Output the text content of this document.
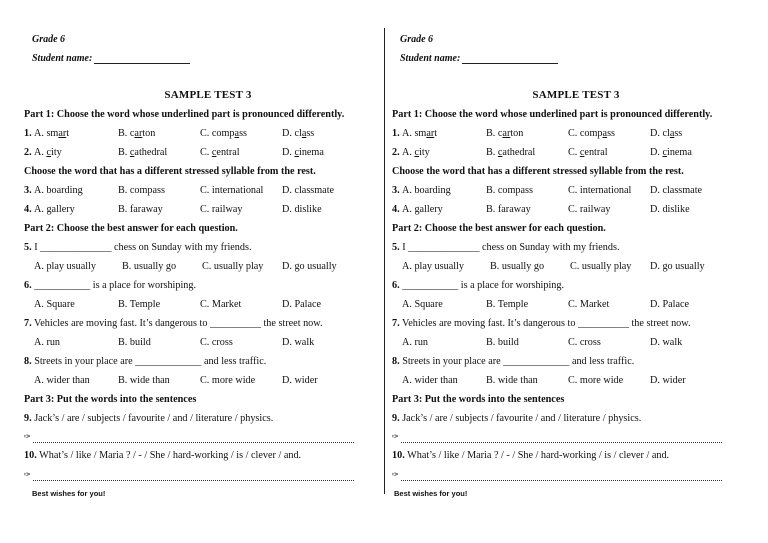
Grade 6
Student name:
SAMPLE TEST 3
Part 1: Choose the word whose underlined part is pronounced differently.
1. A. smart	B. carton	C. compass	D. class
2. A. city	B. cathedral	C. central	D. cinema
Choose the word that has a different stressed syllable from the rest.
3. A. boarding	B. compass	C. international D. classmate
4. A. gallery	B. faraway	C. railway	D. dislike
Part 2: Choose the best answer for each question.
5. I ______________ chess on Sunday with my friends.
A. play usually	B. usually go	C. usually play D. go usually
6. ___________ is a place for worshiping.
A. Square	B. Temple	C. Market	D. Palace
7. Vehicles are moving fast. It’s dangerous to __________ the street now.
A. run	B. build	C. cross	D. walk
8. Streets in your place are _____________ and less traffic.
A. wider than	B. wide than	C. more wide	D. wider
Part 3: Put the words into the sentences
9. Jack’s / are / subjects / favourite / and / literature / physics.
✑
10. What’s / like / Maria ? / - / She / hard-working / is / clever / and.
✑
Best wishes for you!
Grade 6
Student name:
SAMPLE TEST 3
Part 1: Choose the word whose underlined part is pronounced differently.
1. A. smart	B. carton	C. compass	D. class
2. A. city	B. cathedral	C. central	D. cinema
Choose the word that has a different stressed syllable from the rest.
3. A. boarding	B. compass	C. international D. classmate
4. A. gallery	B. faraway	C. railway	D. dislike
Part 2: Choose the best answer for each question.
5. I ______________ chess on Sunday with my friends.
A. play usually	B. usually go	C. usually play D. go usually
6. ___________ is a place for worshiping.
A. Square	B. Temple	C. Market	D. Palace
7. Vehicles are moving fast. It’s dangerous to __________ the street now.
A. run	B. build	C. cross	D. walk
8. Streets in your place are _____________ and less traffic.
A. wider than	B. wide than	C. more wide	D. wider
Part 3: Put the words into the sentences
9. Jack’s / are / subjects / favourite / and / literature / physics.
✑
10. What’s / like / Maria ? / - / She / hard-working / is / clever / and.
✑
Best wishes for you!
